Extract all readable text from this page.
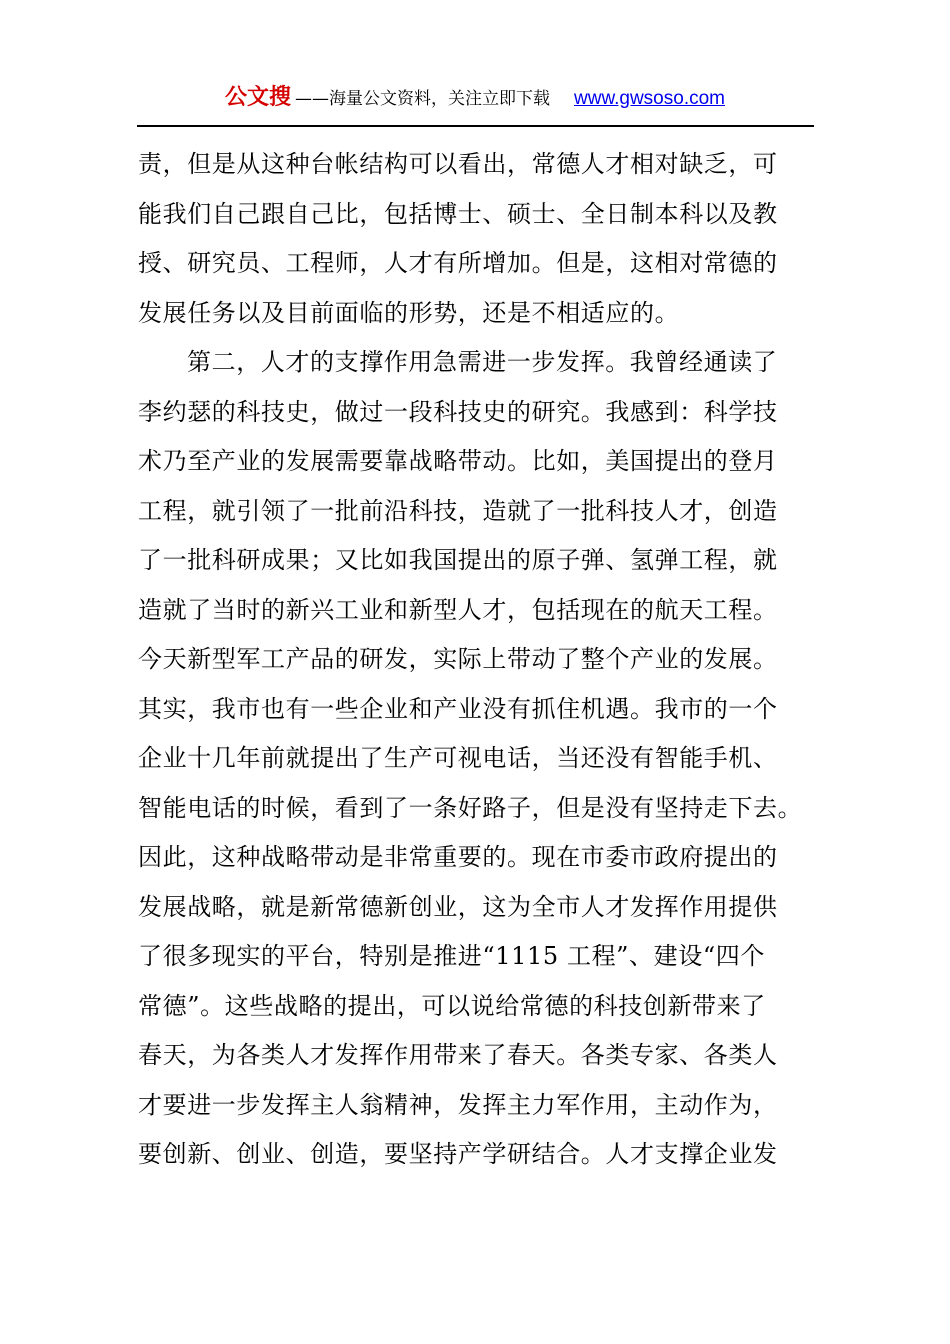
公文搜 ——海量公文资料，关注立即下载 www.gwsoso.com
责，但是从这种台帐结构可以看出，常德人才相对缺乏，可
能我们自己跟自己比，包括博士、硕士、全日制本科以及教
授、研究员、工程师，人才有所增加。但是，这相对常德的
发展任务以及目前面临的形势，还是不相适应的。
第二，人才的支撑作用急需进一步发挥。我曾经通读了
李约瑟的科技史，做过一段科技史的研究。我感到：科学技
术乃至产业的发展需要靠战略带动。比如，美国提出的登月
工程，就引领了一批前沿科技，造就了一批科技人才，创造
了一批科研成果；又比如我国提出的原子弹、氢弹工程，就
造就了当时的新兴工业和新型人才，包括现在的航天工程。
今天新型军工产品的研发，实际上带动了整个产业的发展。
其实，我市也有一些企业和产业没有抓住机遇。我市的一个
企业十几年前就提出了生产可视电话，当还没有智能手机、
智能电话的时候，看到了一条好路子，但是没有坚持走下去。
因此，这种战略带动是非常重要的。现在市委市政府提出的
发展战略，就是新常德新创业，这为全市人才发挥作用提供
了很多现实的平台，特别是推进“1115 工程”、建设“四个
常德”。这些战略的提出，可以说给常德的科技创新带来了
春天，为各类人才发挥作用带来了春天。各类专家、各类人
才要进一步发挥主人翁精神，发挥主力军作用，主动作为，
要创新、创业、创造，要坚持产学研结合。人才支撑企业发
